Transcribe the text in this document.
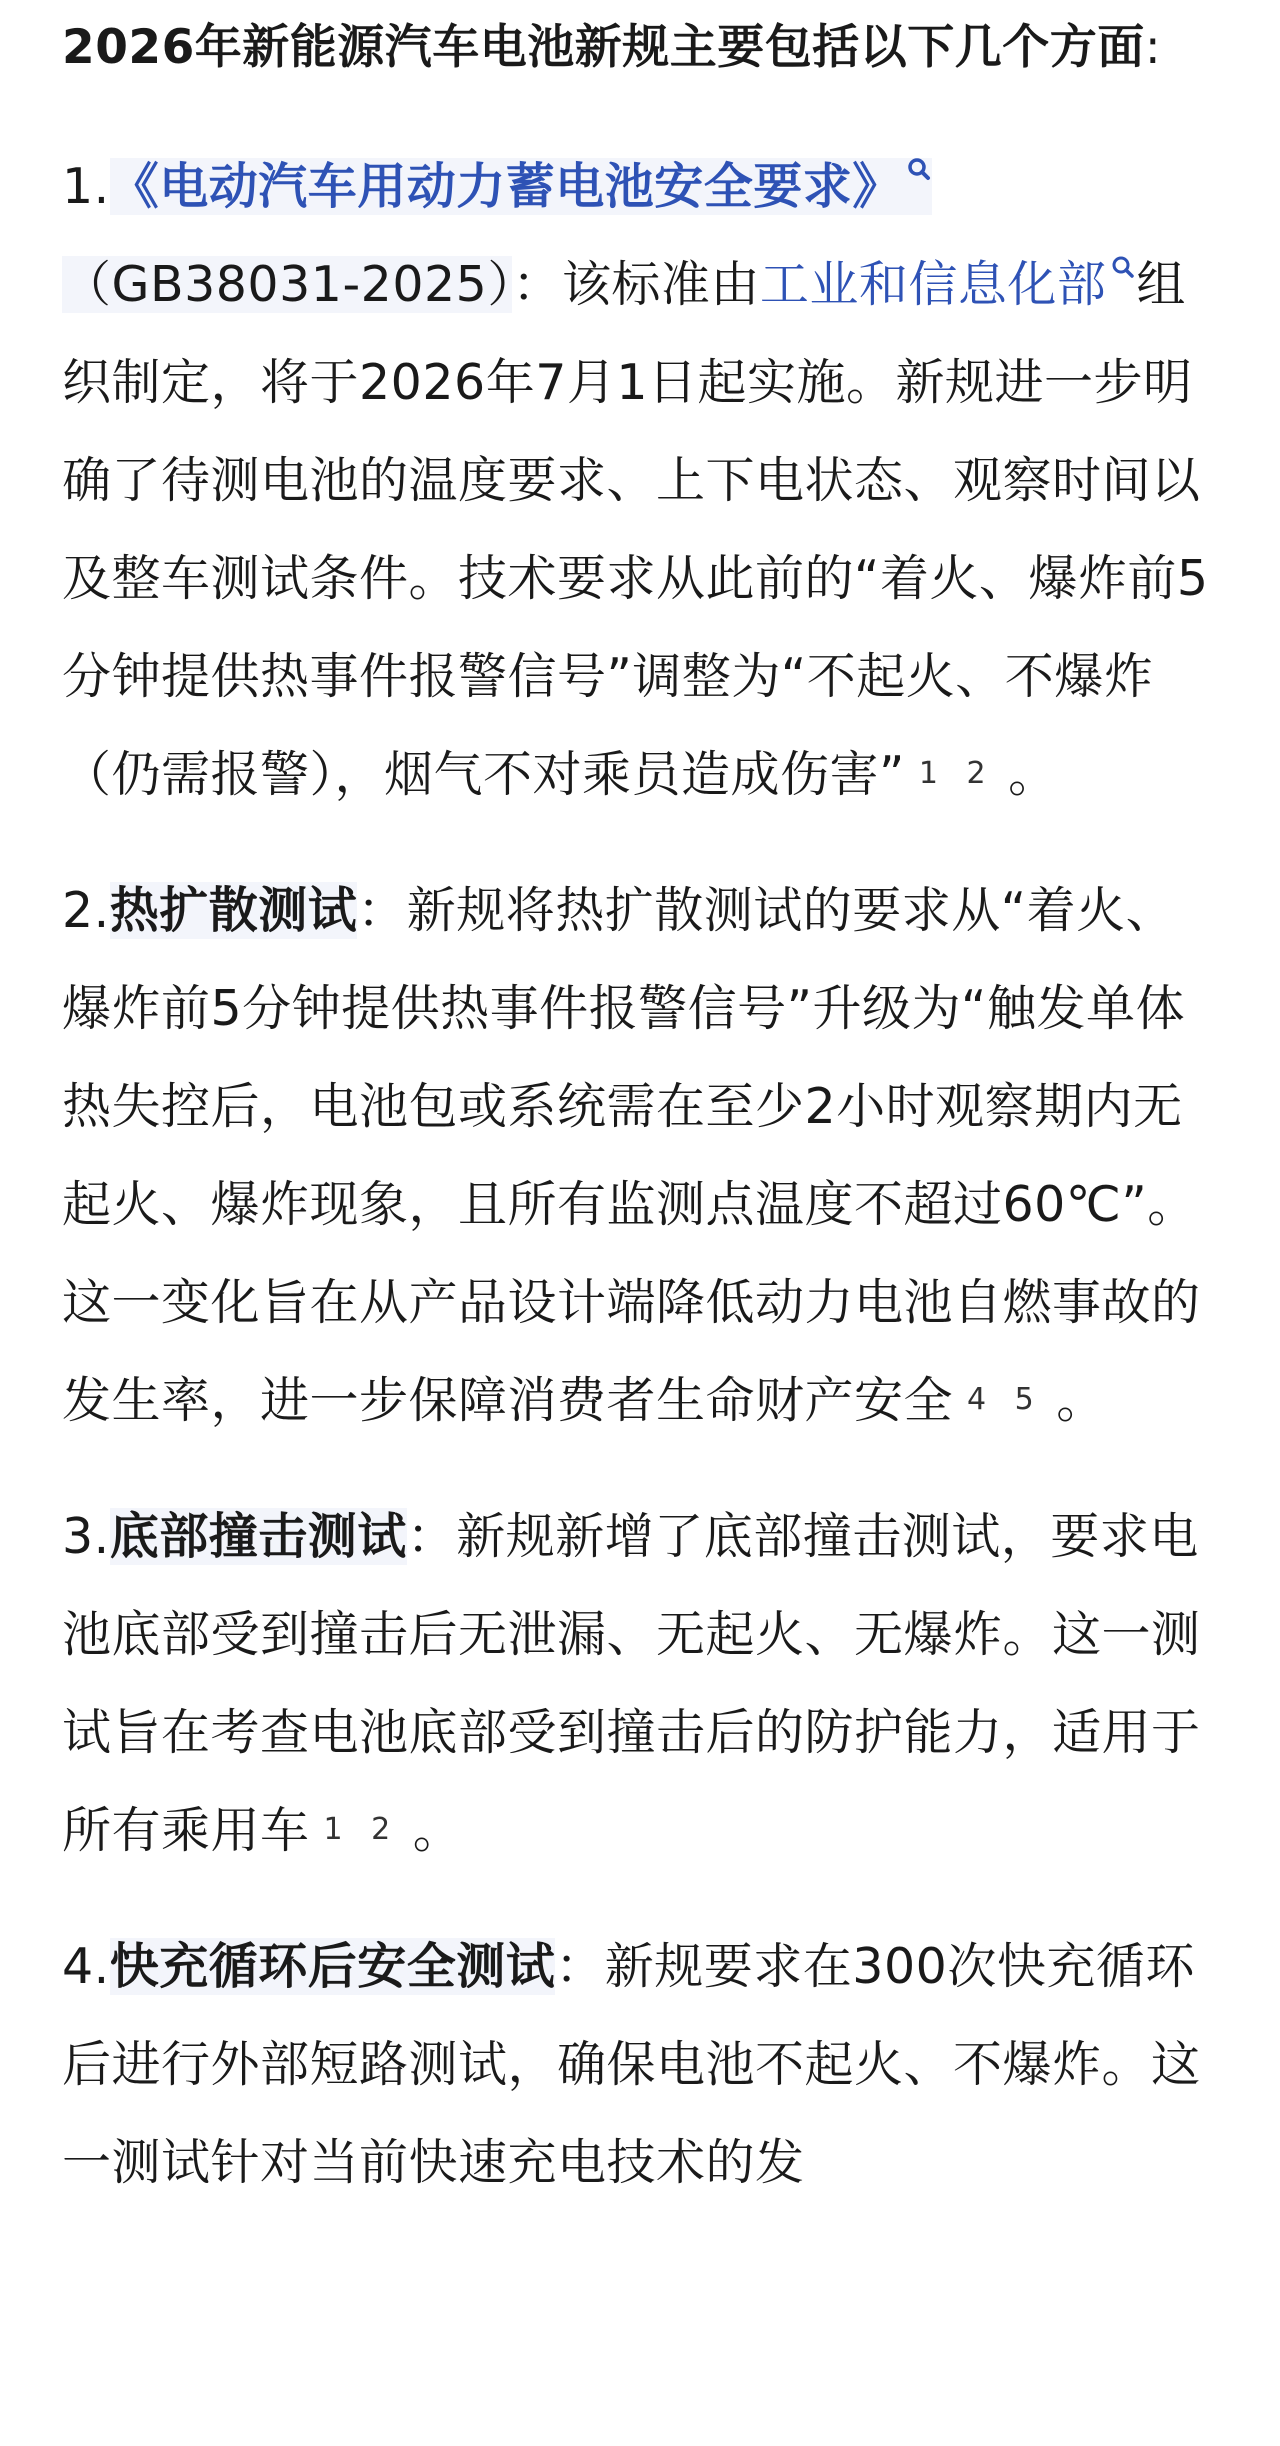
2026年新能源汽车电池新规主要包括以下几个方面:

1.《电动汽车用动力蓄电池安全要求》
（GB38031-2025）：该标准由工业和信息化部 组织制定，将于2026年7月1日起实施。新规进一步明确了待测电池的温度要求、上下电状态、观察时间以及整车测试条件。技术要求从此前的“着火、爆炸前5分钟提供热事件报警信号”调整为“不起火、不爆炸（仍需报警），烟气不对乘员造成伤害” 1 2 。

2.热扩散测试：新规将热扩散测试的要求从“着火、爆炸前5分钟提供热事件报警信号”升级为“触发单体热失控后，电池包或系统需在至少2小时观察期内无起火、爆炸现象，且所有监测点温度不超过60℃”。这一变化旨在从产品设计端降低动力电池自燃事故的发生率，进一步保障消费者生命财产安全 4 5 。

3.底部撞击测试：新规新增了底部撞击测试，要求电池底部受到撞击后无泄漏、无起火、无爆炸。这一测试旨在考查电池底部受到撞击后的防护能力，适用于所有乘用车 1 2 。

4.快充循环后安全测试：新规要求在300次快充循环后进行外部短路测试，确保电池不起火、不爆炸。这一测试针对当前快速充电技术的发
